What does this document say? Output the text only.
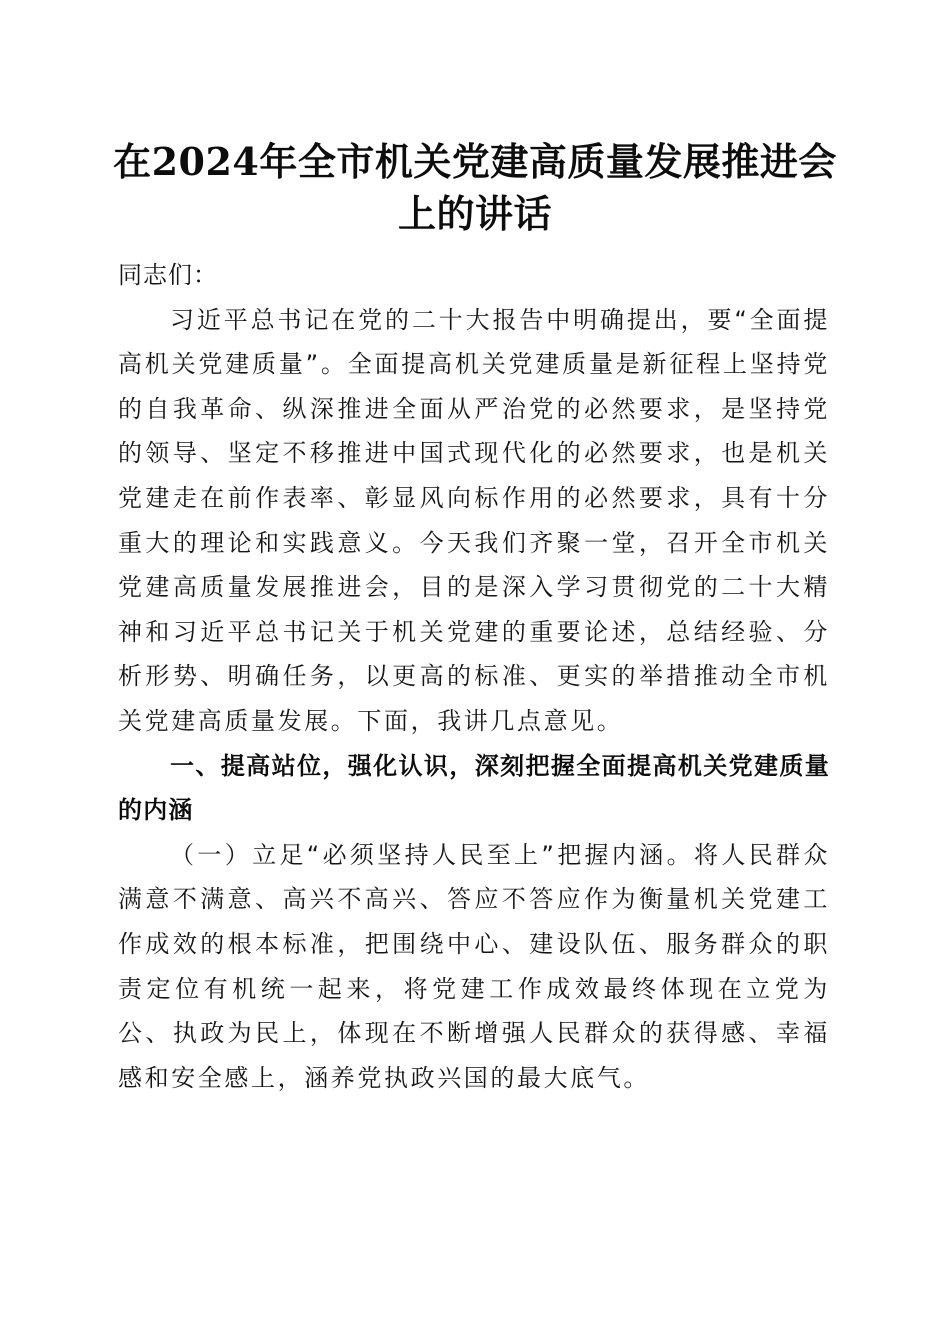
在2024年全市机关党建高质量发展推进会上的讲话

同志们：

习近平总书记在党的二十大报告中明确提出，要“全面提高机关党建质量”。全面提高机关党建质量是新征程上坚持党的自我革命、纵深推进全面从严治党的必然要求，是坚持党的领导、坚定不移推进中国式现代化的必然要求，也是机关党建走在前作表率、彰显风向标作用的必然要求，具有十分重大的理论和实践意义。今天我们齐聚一堂，召开全市机关党建高质量发展推进会，目的是深入学习贯彻党的二十大精神和习近平总书记关于机关党建的重要论述，总结经验、分析形势、明确任务，以更高的标准、更实的举措推动全市机关党建高质量发展。下面，我讲几点意见。

一、提高站位，强化认识，深刻把握全面提高机关党建质量的内涵

（一）立足“必须坚持人民至上”把握内涵。将人民群众满意不满意、高兴不高兴、答应不答应作为衡量机关党建工作成效的根本标准，把围绕中心、建设队伍、服务群众的职责定位有机统一起来，将党建工作成效最终体现在立党为公、执政为民上，体现在不断增强人民群众的获得感、幸福感和安全感上，涵养党执政兴国的最大底气。
